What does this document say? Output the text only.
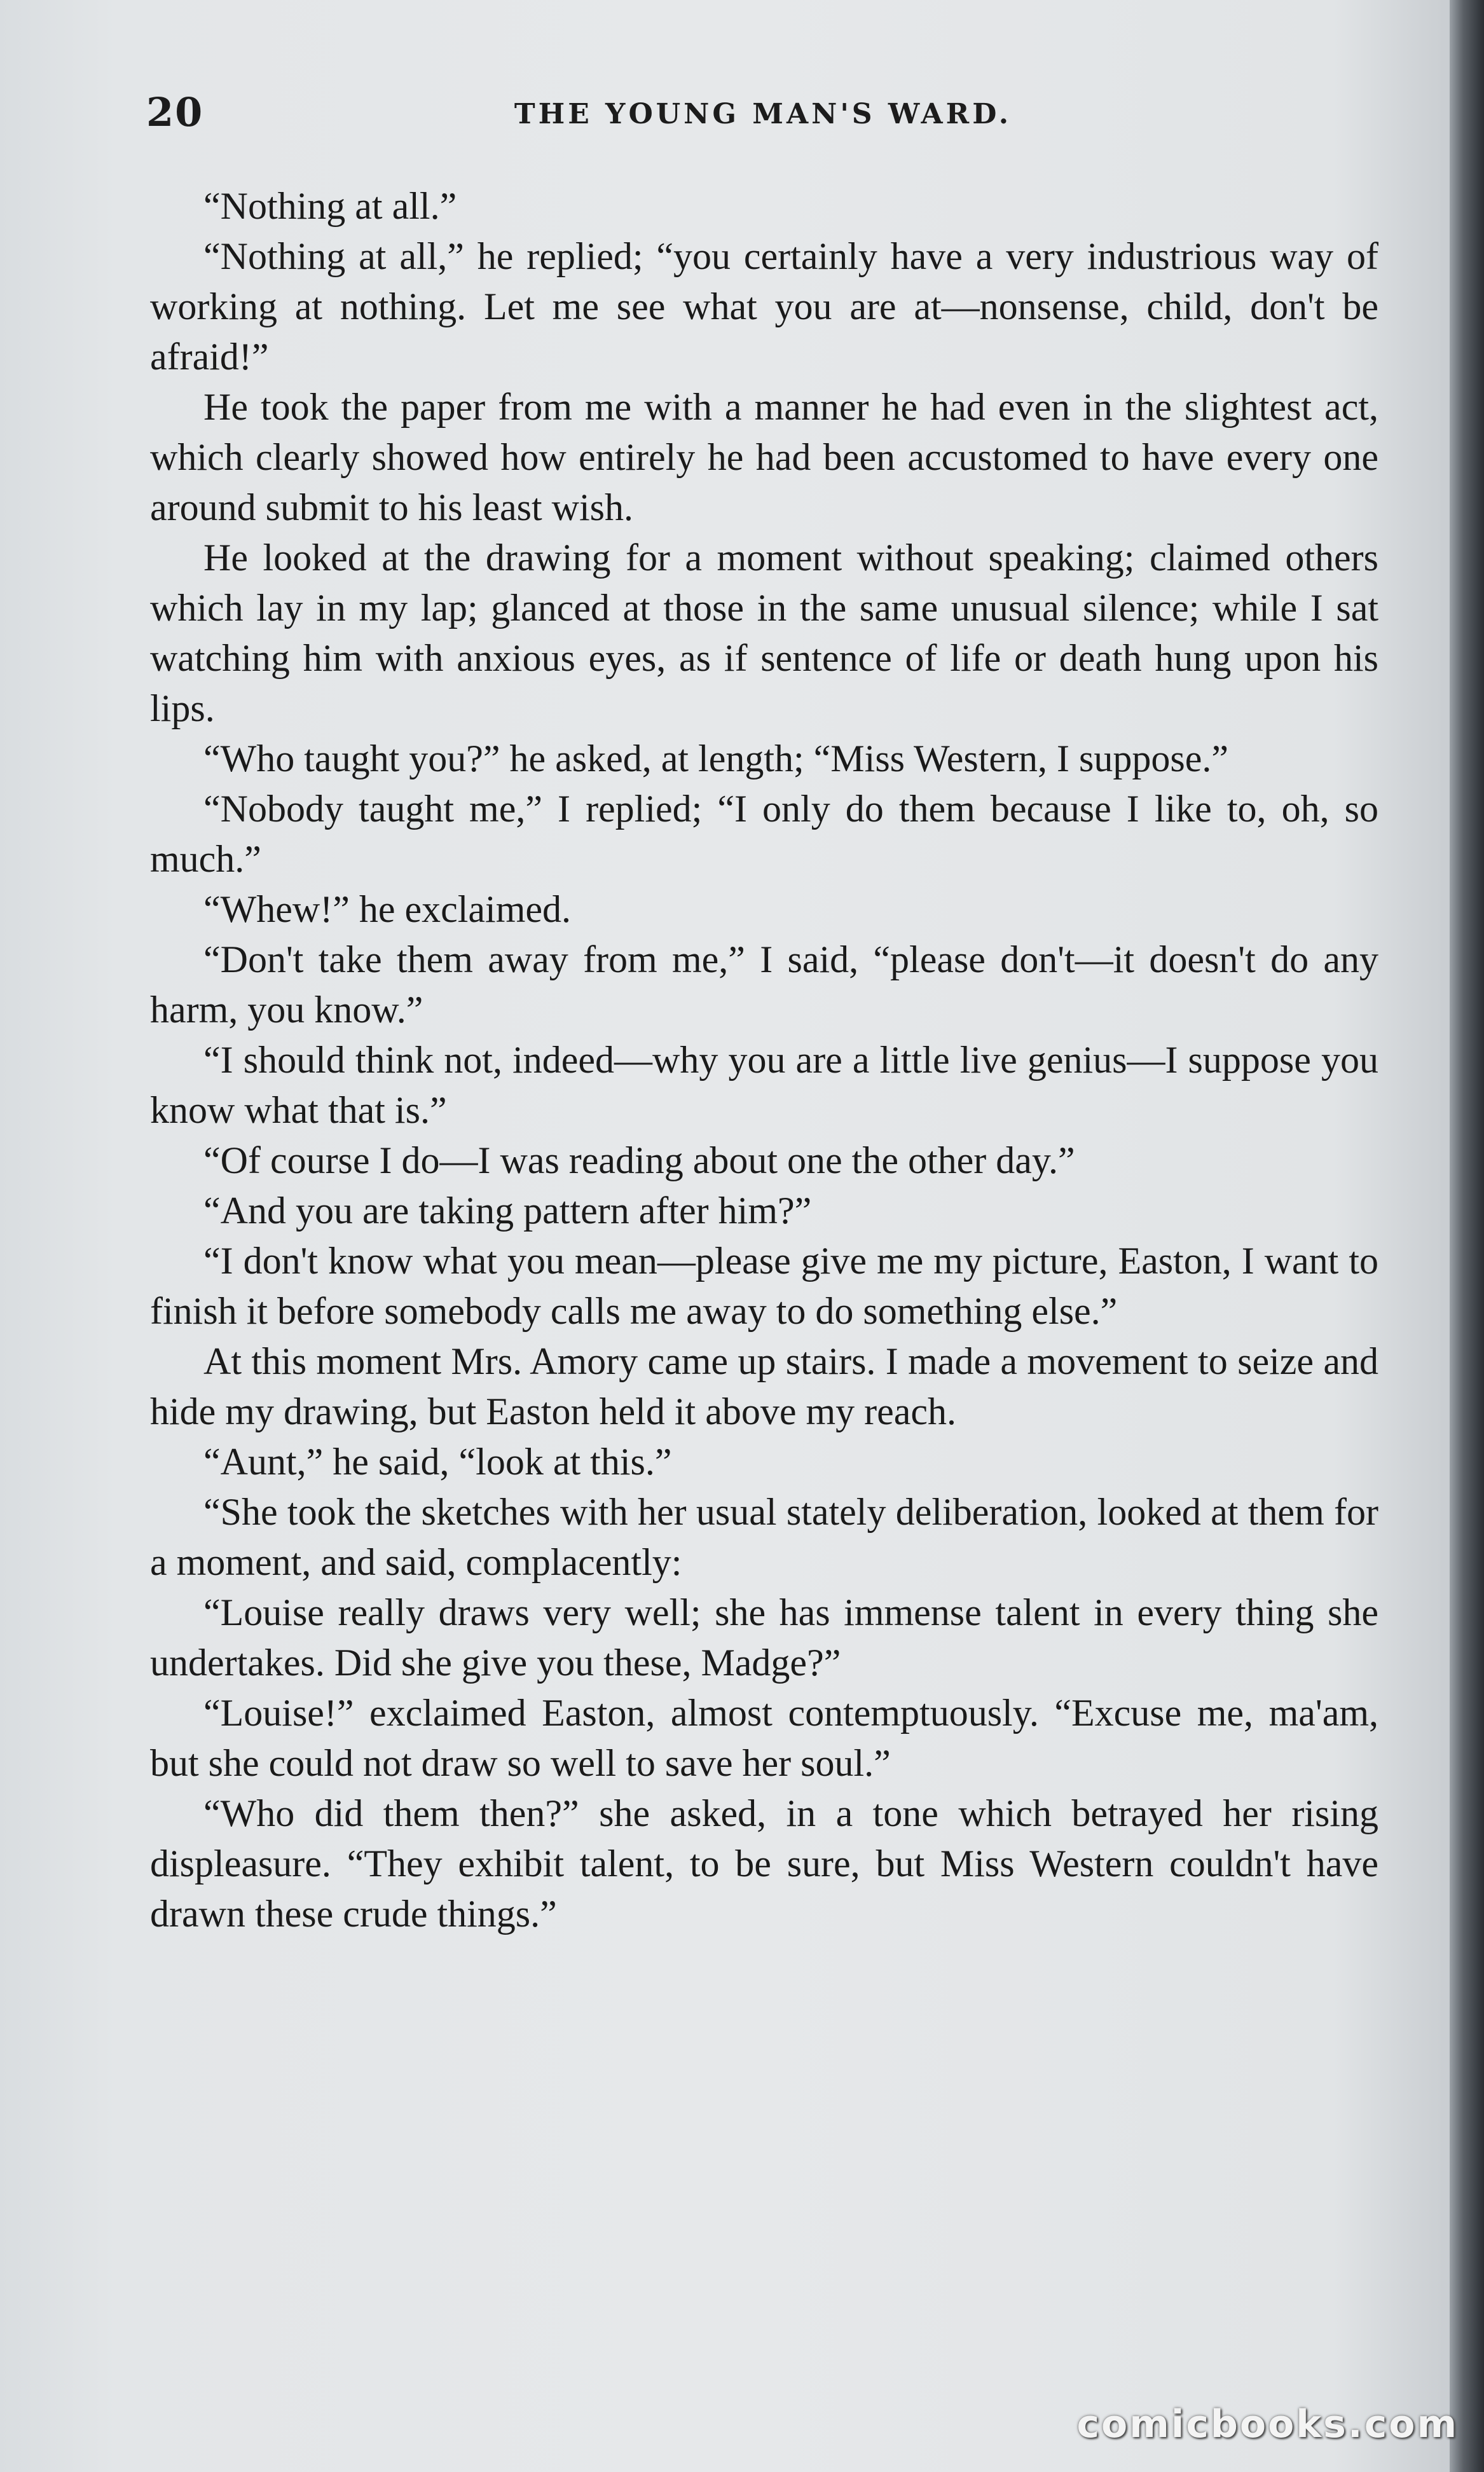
20	THE YOUNG MAN'S WARD.

“Nothing at all.”

“Nothing at all,” he replied; “you certainly have a very industrious way of working at nothing. Let me see what you are at—nonsense, child, don't be afraid!”

He took the paper from me with a manner he had even in the slightest act, which clearly showed how entirely he had been accustomed to have every one around submit to his least wish.

He looked at the drawing for a moment without speaking; claimed others which lay in my lap; glanced at those in the same unusual silence; while I sat watching him with anxious eyes, as if sentence of life or death hung upon his lips.

“Who taught you?” he asked, at length; “Miss Western, I suppose.”

“Nobody taught me,” I replied; “I only do them because I like to, oh, so much.”

“Whew!” he exclaimed.

“Don't take them away from me,” I said, “please don't—it doesn't do any harm, you know.”

“I should think not, indeed—why you are a little live genius—I suppose you know what that is.”

“Of course I do—I was reading about one the other day.”

“And you are taking pattern after him?”

“I don't know what you mean—please give me my picture, Easton, I want to finish it before somebody calls me away to do something else.”

At this moment Mrs. Amory came up stairs. I made a movement to seize and hide my drawing, but Easton held it above my reach.

“Aunt,” he said, “look at this.”

“She took the sketches with her usual stately deliberation, looked at them for a moment, and said, complacently:

“Louise really draws very well; she has immense talent in every thing she undertakes. Did she give you these, Madge?”

“Louise!” exclaimed Easton, almost contemptuously. “Excuse me, ma'am, but she could not draw so well to save her soul.”

“Who did them then?” she asked, in a tone which betrayed her rising displeasure. “They exhibit talent, to be sure, but Miss Western couldn't have drawn these crude things.”

comicbooks.com
